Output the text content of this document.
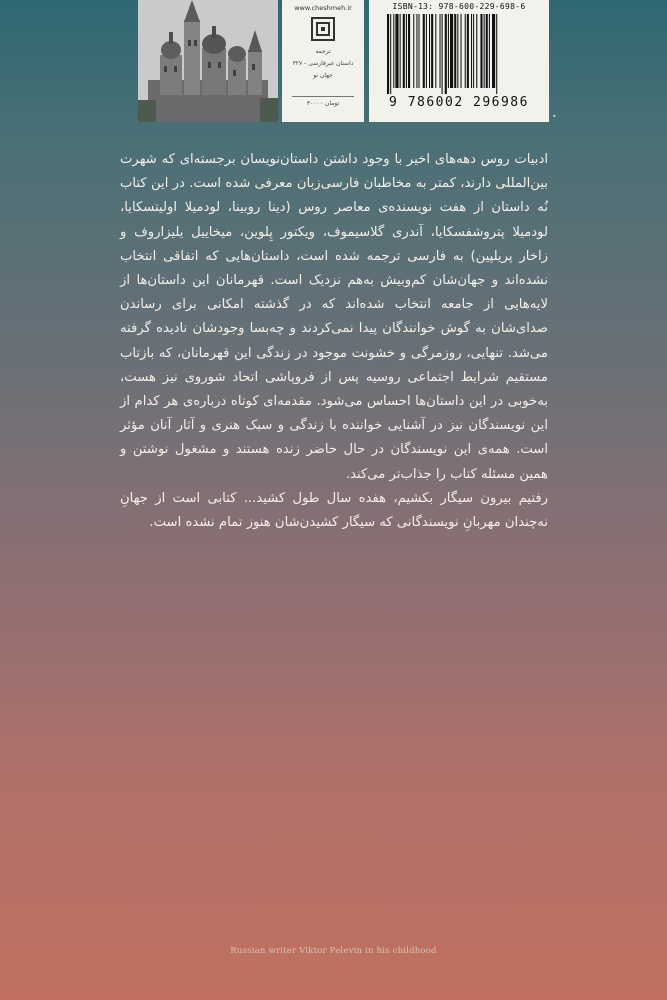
www.cheshmeh.ir
ترجمه
داستان غیرفارسی - ۳۲۷
جهان نو
۳۰۰۰۰ تومان
ISBN-13: 978-600-229-698-6
9 786002 296986
•

ادبیات روس دهه‌های اخیر با وجود داشتن داستان‌نویسان برجسته‌ای که شهرت بین‌المللی دارند، کمتر به مخاطبان فارسی‌زبان معرفی شده است. در این کتاب نُه داستان از هفت نویسنده‌ی معاصر روس (دینا روبینا، لودمیلا اولیتسکایا، لودمیلا پتروشفسکایا، آندری گلاسیموف، ویکتور پِلوین، میخاییل یلیزاروف و زاخار پریلپین) به فارسی ترجمه شده است، داستان‌هایی که اتفاقی انتخاب نشده‌اند و جهان‌شان کم‌وبیش به‌هم نزدیک است. قهرمانان این داستان‌ها از لایه‌هایی از جامعه انتخاب شده‌اند که در گذشته امکانی برای رساندن صدای‌شان به گوش خوانندگان پیدا نمی‌کردند و چه‌بسا وجودشان نادیده گرفته می‌شد. تنهایی، روزمرگی و خشونت موجود در زندگی این قهرمانان، که بازتاب مستقیم شرایط اجتماعی روسیه پس از فروپاشی اتحاد شوروی نیز هست، به‌خوبی در این داستان‌ها احساس می‌شود. مقدمه‌ای کوتاه درباره‌ی هر کدام از این نویسندگان نیز در آشنایی خواننده با زندگی و سبک هنری و آثار آنان مؤثر است. همه‌ی این نویسندگان در حال حاضر زنده هستند و مشغول نوشتن و همین مسئله کتاب را جذاب‌تر می‌کند.

رفتیم بیرون سیگار بکشیم، هفده سال طول کشید... کتابی است از جهانِ نه‌چندان مهربانِ نویسندگانی که سیگار کشیدن‌شان هنوز تمام نشده است.

Russian writer Viktor Pelevin in his childhood
